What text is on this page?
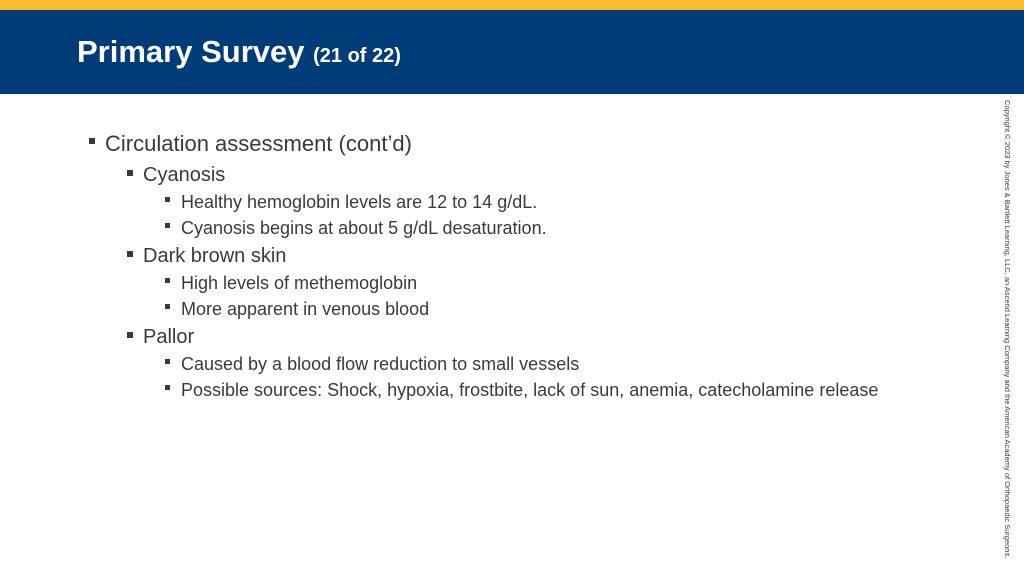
Primary Survey (21 of 22)
Circulation assessment (cont’d)
Cyanosis
Healthy hemoglobin levels are 12 to 14 g/dL.
Cyanosis begins at about 5 g/dL desaturation.
Dark brown skin
High levels of methemoglobin
More apparent in venous blood
Pallor
Caused by a blood flow reduction to small vessels
Possible sources: Shock, hypoxia, frostbite, lack of sun, anemia, catecholamine release	Copyright © 2023 by Jones & Bartlett Learning, LLC, an Ascend Learning Company and the American Academy of Orthopaedic Surgeons.
